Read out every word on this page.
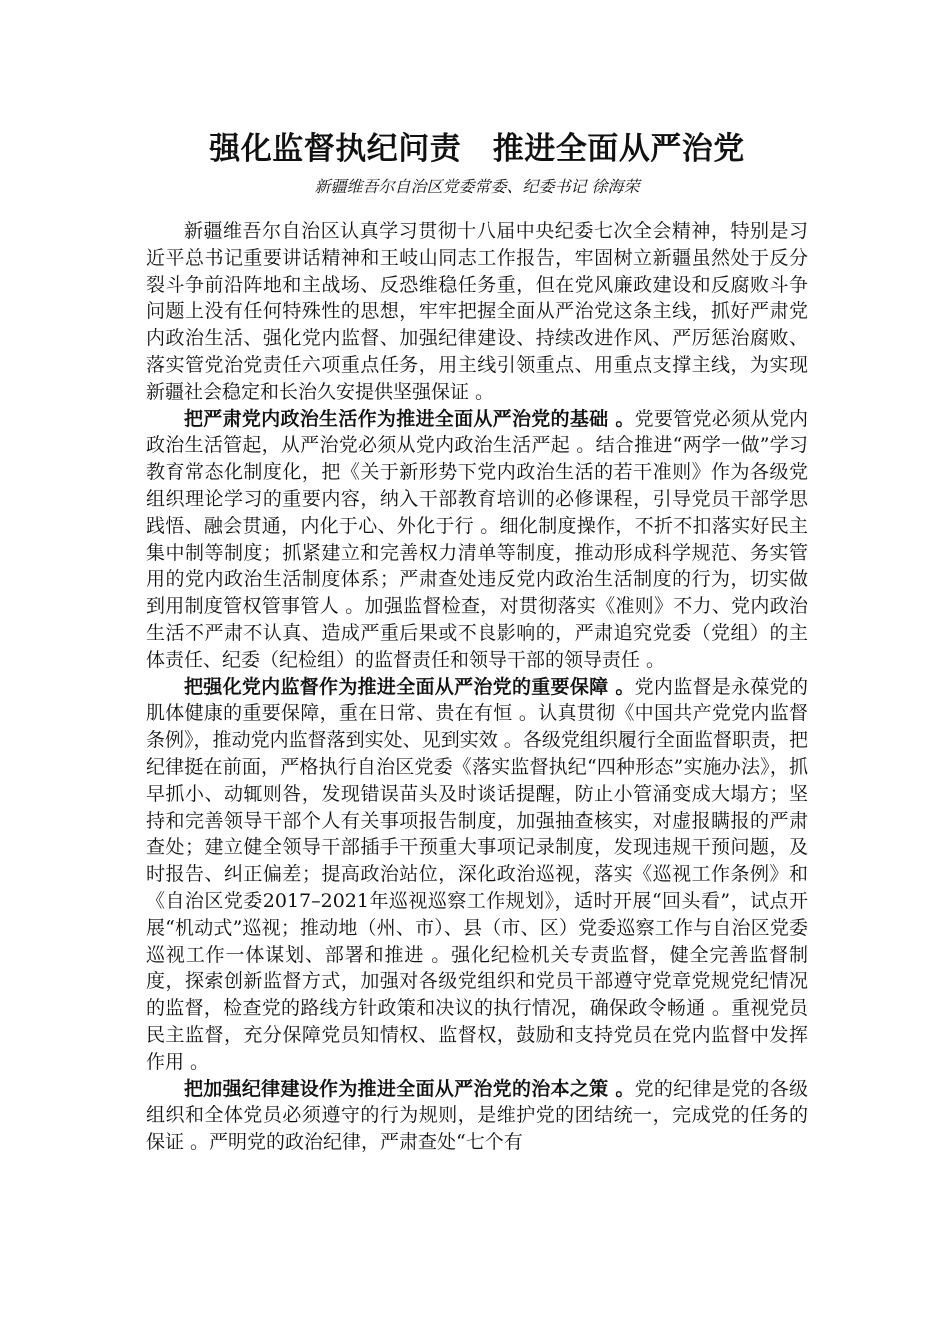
强化监督执纪问责　推进全面从严治党

新疆维吾尔自治区党委常委、纪委书记 徐海荣

新疆维吾尔自治区认真学习贯彻十八届中央纪委七次全会精神，特别是习近平总书记重要讲话精神和王岐山同志工作报告，牢固树立新疆虽然处于反分裂斗争前沿阵地和主战场、反恐维稳任务重，但在党风廉政建设和反腐败斗争问题上没有任何特殊性的思想，牢牢把握全面从严治党这条主线，抓好严肃党内政治生活、强化党内监督、加强纪律建设、持续改进作风、严厉惩治腐败、落实管党治党责任六项重点任务，用主线引领重点、用重点支撑主线，为实现新疆社会稳定和长治久安提供坚强保证 。

把严肃党内政治生活作为推进全面从严治党的基础 。党要管党必须从党内政治生活管起，从严治党必须从党内政治生活严起 。结合推进“两学一做”学习教育常态化制度化，把《关于新形势下党内政治生活的若干准则》作为各级党组织理论学习的重要内容，纳入干部教育培训的必修课程，引导党员干部学思践悟、融会贯通，内化于心、外化于行 。细化制度操作，不折不扣落实好民主集中制等制度；抓紧建立和完善权力清单等制度，推动形成科学规范、务实管用的党内政治生活制度体系；严肃查处违反党内政治生活制度的行为，切实做到用制度管权管事管人 。加强监督检查，对贯彻落实《准则》不力、党内政治生活不严肃不认真、造成严重后果或不良影响的，严肃追究党委（党组）的主体责任、纪委（纪检组）的监督责任和领导干部的领导责任 。

把强化党内监督作为推进全面从严治党的重要保障 。党内监督是永葆党的肌体健康的重要保障，重在日常、贵在有恒 。认真贯彻《中国共产党党内监督条例》，推动党内监督落到实处、见到实效 。各级党组织履行全面监督职责，把纪律挺在前面，严格执行自治区党委《落实监督执纪“四种形态”实施办法》，抓早抓小、动辄则咎，发现错误苗头及时谈话提醒，防止小管涌变成大塌方；坚持和完善领导干部个人有关事项报告制度，加强抽查核实，对虚报瞒报的严肃查处；建立健全领导干部插手干预重大事项记录制度，发现违规干预问题，及时报告、纠正偏差；提高政治站位，深化政治巡视，落实《巡视工作条例》和《自治区党委2017–2021年巡视巡察工作规划》，适时开展“回头看”，试点开展“机动式”巡视；推动地（州、市）、县（市、区）党委巡察工作与自治区党委巡视工作一体谋划、部署和推进 。强化纪检机关专责监督，健全完善监督制度，探索创新监督方式，加强对各级党组织和党员干部遵守党章党规党纪情况的监督，检查党的路线方针政策和决议的执行情况，确保政令畅通 。重视党员民主监督，充分保障党员知情权、监督权，鼓励和支持党员在党内监督中发挥作用 。

把加强纪律建设作为推进全面从严治党的治本之策 。党的纪律是党的各级组织和全体党员必须遵守的行为规则，是维护党的团结统一，完成党的任务的保证 。严明党的政治纪律，严肃查处“七个有
